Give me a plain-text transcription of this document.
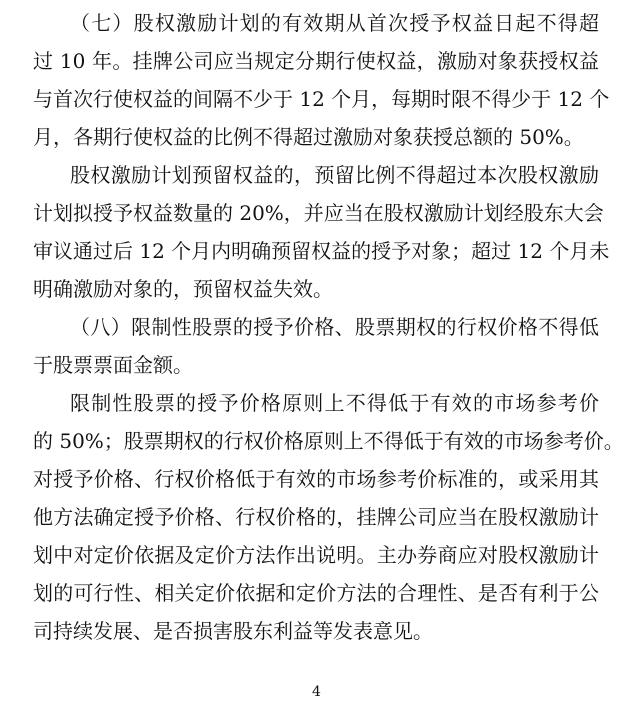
（七）股权激励计划的有效期从首次授予权益日起不得超
过 10 年。挂牌公司应当规定分期行使权益，激励对象获授权益
与首次行使权益的间隔不少于 12 个月，每期时限不得少于 12 个
月，各期行使权益的比例不得超过激励对象获授总额的 50%。
股权激励计划预留权益的，预留比例不得超过本次股权激励
计划拟授予权益数量的 20%，并应当在股权激励计划经股东大会
审议通过后 12 个月内明确预留权益的授予对象；超过 12 个月未
明确激励对象的，预留权益失效。
（八）限制性股票的授予价格、股票期权的行权价格不得低
于股票票面金额。
限制性股票的授予价格原则上不得低于有效的市场参考价
的 50%；股票期权的行权价格原则上不得低于有效的市场参考价。
对授予价格、行权价格低于有效的市场参考价标准的，或采用其
他方法确定授予价格、行权价格的，挂牌公司应当在股权激励计
划中对定价依据及定价方法作出说明。主办券商应对股权激励计
划的可行性、相关定价依据和定价方法的合理性、是否有利于公
司持续发展、是否损害股东利益等发表意见。
4
